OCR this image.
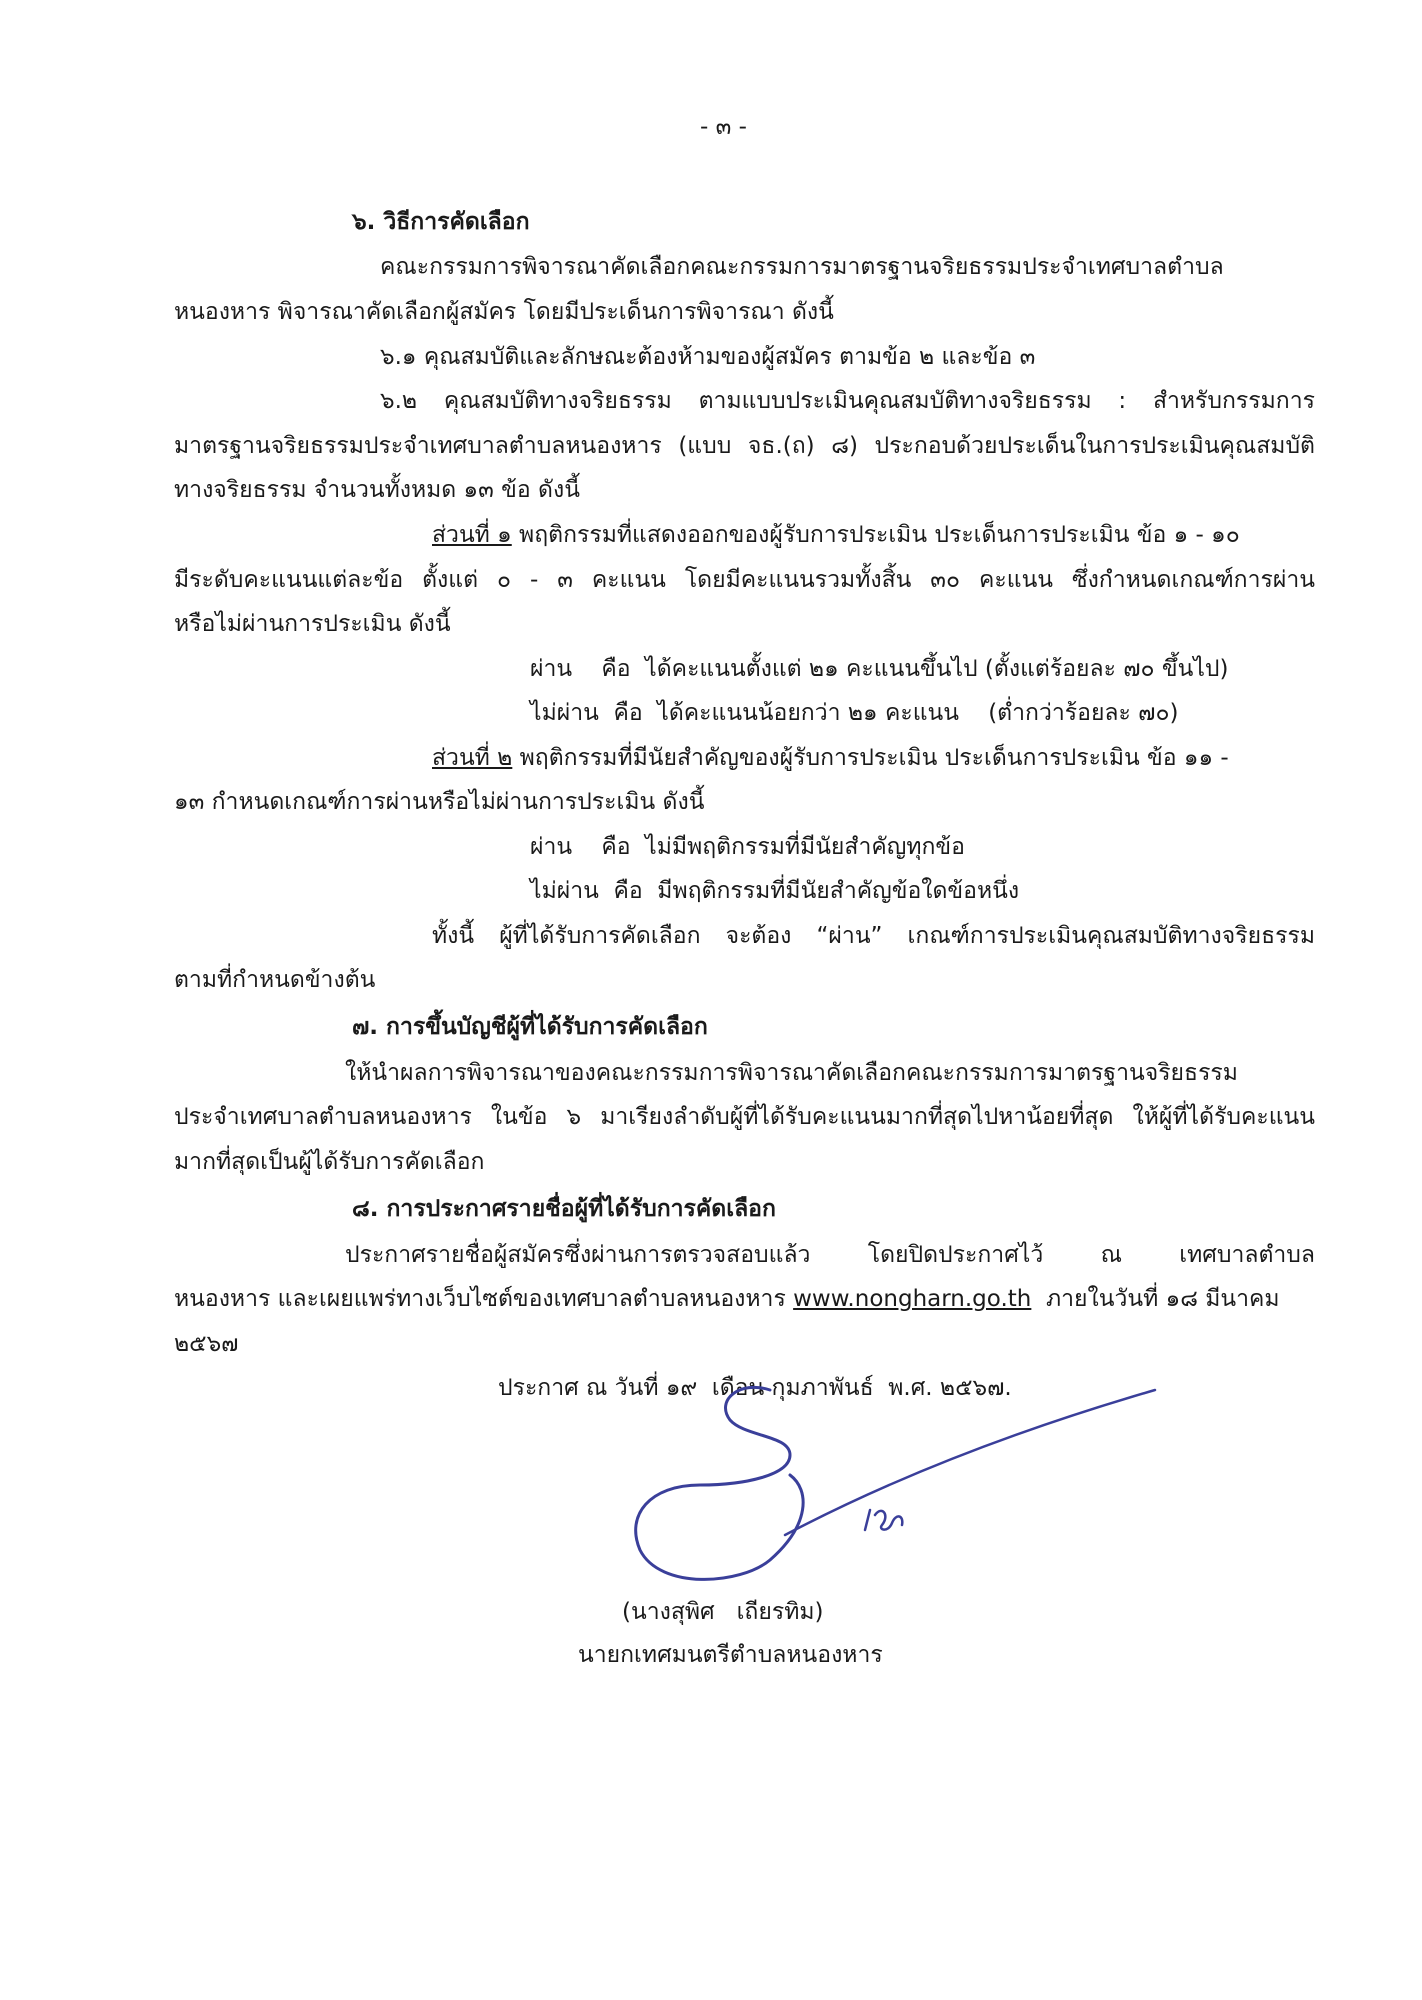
- ๓ -
๖. วิธีการคัดเลือก
คณะกรรมการพิจารณาคัดเลือกคณะกรรมการมาตรฐานจริยธรรมประจำเทศบาลตำบล
หนองหาร พิจารณาคัดเลือกผู้สมัคร โดยมีประเด็นการพิจารณา ดังนี้
๖.๑ คุณสมบัติและลักษณะต้องห้ามของผู้สมัคร ตามข้อ ๒ และข้อ ๓
๖.๒ คุณสมบัติทางจริยธรรม ตามแบบประเมินคุณสมบัติทางจริยธรรม : สำหรับกรรมการ
มาตรฐานจริยธรรมประจำเทศบาลตำบลหนองหาร (แบบ จธ.(ถ) ๘) ประกอบด้วยประเด็นในการประเมินคุณสมบัติ
ทางจริยธรรม จำนวนทั้งหมด ๑๓ ข้อ ดังนี้
ส่วนที่ ๑ พฤติกรรมที่แสดงออกของผู้รับการประเมิน ประเด็นการประเมิน ข้อ ๑ - ๑๐
มีระดับคะแนนแต่ละข้อ ตั้งแต่ ๐ - ๓ คะแนน โดยมีคะแนนรวมทั้งสิ้น ๓๐ คะแนน ซึ่งกำหนดเกณฑ์การผ่าน
หรือไม่ผ่านการประเมิน ดังนี้
ผ่าน    คือ  ได้คะแนนตั้งแต่ ๒๑ คะแนนขึ้นไป (ตั้งแต่ร้อยละ ๗๐ ขึ้นไป)
ไม่ผ่าน  คือ  ได้คะแนนน้อยกว่า ๒๑ คะแนน    (ต่ำกว่าร้อยละ ๗๐)
ส่วนที่ ๒ พฤติกรรมที่มีนัยสำคัญของผู้รับการประเมิน ประเด็นการประเมิน ข้อ ๑๑ -
๑๓ กำหนดเกณฑ์การผ่านหรือไม่ผ่านการประเมิน ดังนี้
ผ่าน    คือ  ไม่มีพฤติกรรมที่มีนัยสำคัญทุกข้อ
ไม่ผ่าน  คือ  มีพฤติกรรมที่มีนัยสำคัญข้อใดข้อหนึ่ง
ทั้งนี้ ผู้ที่ได้รับการคัดเลือก จะต้อง “ผ่าน” เกณฑ์การประเมินคุณสมบัติทางจริยธรรม
ตามที่กำหนดข้างต้น
๗. การขึ้นบัญชีผู้ที่ได้รับการคัดเลือก
ให้นำผลการพิจารณาของคณะกรรมการพิจารณาคัดเลือกคณะกรรมการมาตรฐานจริยธรรม
ประจำเทศบาลตำบลหนองหาร ในข้อ ๖ มาเรียงลำดับผู้ที่ได้รับคะแนนมากที่สุดไปหาน้อยที่สุด ให้ผู้ที่ได้รับคะแนน
มากที่สุดเป็นผู้ได้รับการคัดเลือก
๘. การประกาศรายชื่อผู้ที่ได้รับการคัดเลือก
ประกาศรายชื่อผู้สมัครซึ่งผ่านการตรวจสอบแล้ว โดยปิดประกาศไว้ ณ เทศบาลตำบล
หนองหาร และเผยแพร่ทางเว็บไซต์ของเทศบาลตำบลหนองหาร www.nongharn.go.th  ภายในวันที่ ๑๘ มีนาคม
๒๕๖๗
ประกาศ ณ วันที่ ๑๙  เดือน กุมภาพันธ์  พ.ศ. ๒๕๖๗.
(นางสุพิศ   เถียรทิม)
นายกเทศมนตรีตำบลหนองหาร
